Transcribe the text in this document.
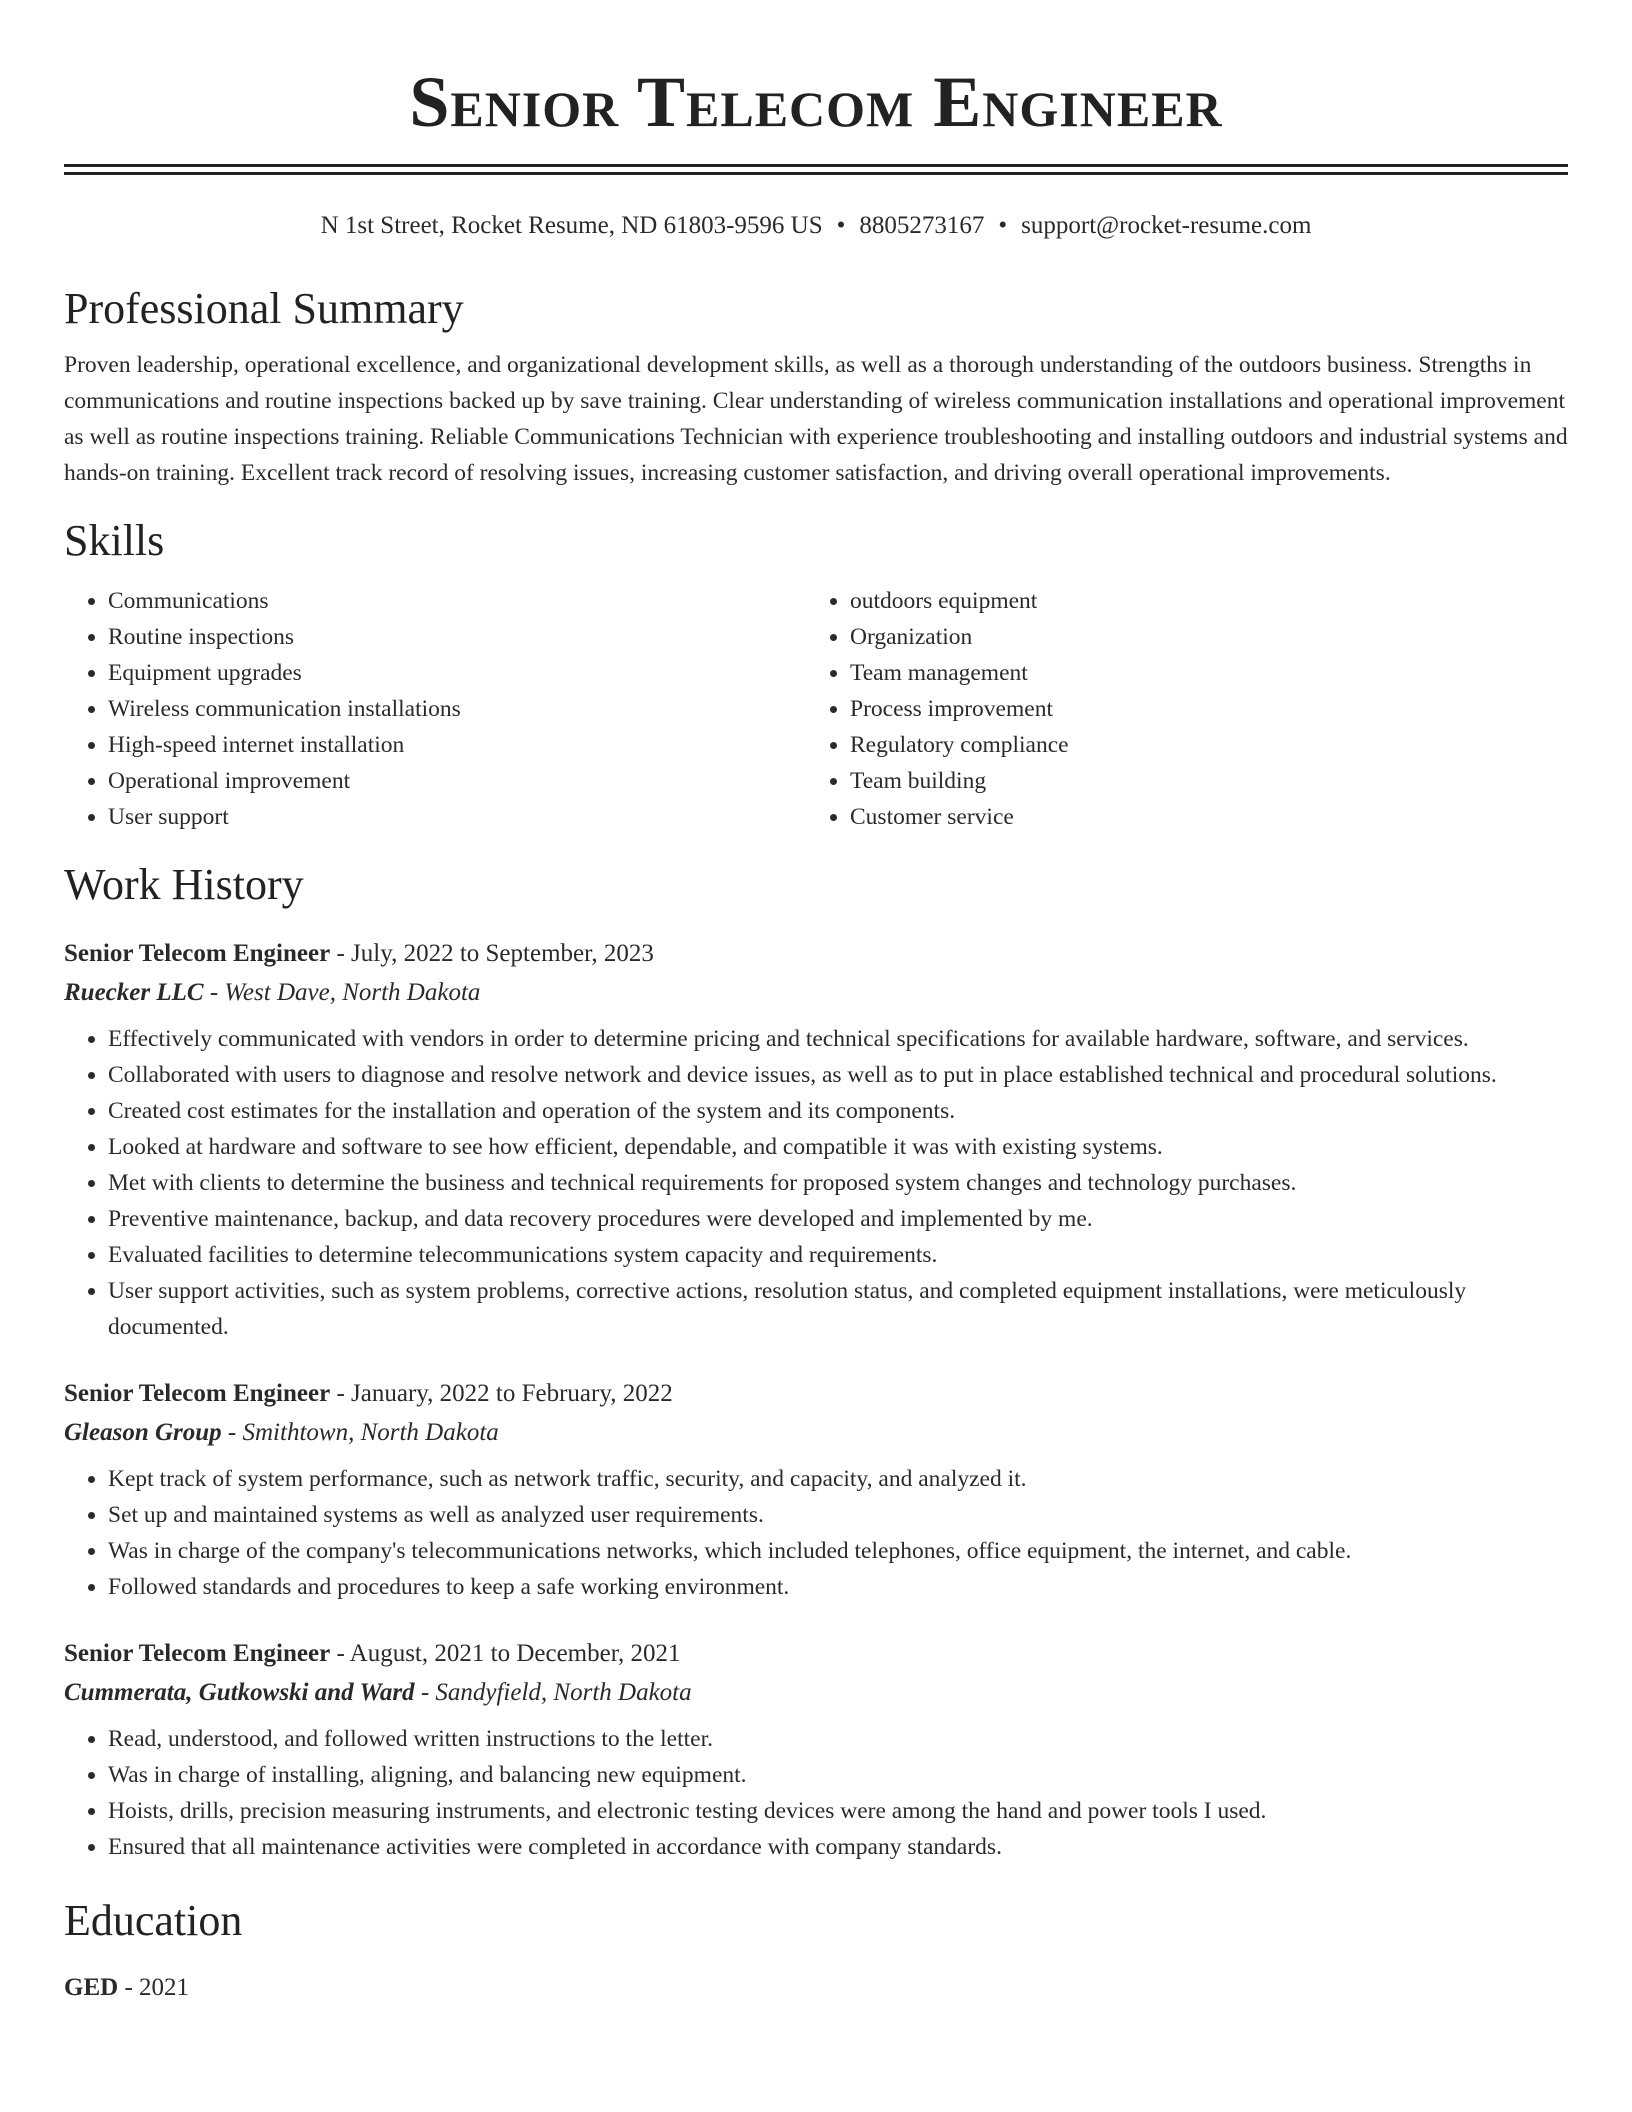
Senior Telecom Engineer
N 1st Street, Rocket Resume, ND 61803-9596 US • 8805273167 • support@rocket-resume.com
Professional Summary
Proven leadership, operational excellence, and organizational development skills, as well as a thorough understanding of the outdoors business. Strengths in communications and routine inspections backed up by save training. Clear understanding of wireless communication installations and operational improvement as well as routine inspections training. Reliable Communications Technician with experience troubleshooting and installing outdoors and industrial systems and hands-on training. Excellent track record of resolving issues, increasing customer satisfaction, and driving overall operational improvements.
Skills
• Communications
• Routine inspections
• Equipment upgrades
• Wireless communication installations
• High-speed internet installation
• Operational improvement
• User support
• outdoors equipment
• Organization
• Team management
• Process improvement
• Regulatory compliance
• Team building
• Customer service
Work History
Senior Telecom Engineer - July, 2022 to September, 2023
Ruecker LLC - West Dave, North Dakota
• Effectively communicated with vendors in order to determine pricing and technical specifications for available hardware, software, and services.
• Collaborated with users to diagnose and resolve network and device issues, as well as to put in place established technical and procedural solutions.
• Created cost estimates for the installation and operation of the system and its components.
• Looked at hardware and software to see how efficient, dependable, and compatible it was with existing systems.
• Met with clients to determine the business and technical requirements for proposed system changes and technology purchases.
• Preventive maintenance, backup, and data recovery procedures were developed and implemented by me.
• Evaluated facilities to determine telecommunications system capacity and requirements.
• User support activities, such as system problems, corrective actions, resolution status, and completed equipment installations, were meticulously documented.
Senior Telecom Engineer - January, 2022 to February, 2022
Gleason Group - Smithtown, North Dakota
• Kept track of system performance, such as network traffic, security, and capacity, and analyzed it.
• Set up and maintained systems as well as analyzed user requirements.
• Was in charge of the company's telecommunications networks, which included telephones, office equipment, the internet, and cable.
• Followed standards and procedures to keep a safe working environment.
Senior Telecom Engineer - August, 2021 to December, 2021
Cummerata, Gutkowski and Ward - Sandyfield, North Dakota
• Read, understood, and followed written instructions to the letter.
• Was in charge of installing, aligning, and balancing new equipment.
• Hoists, drills, precision measuring instruments, and electronic testing devices were among the hand and power tools I used.
• Ensured that all maintenance activities were completed in accordance with company standards.
Education
GED - 2021
